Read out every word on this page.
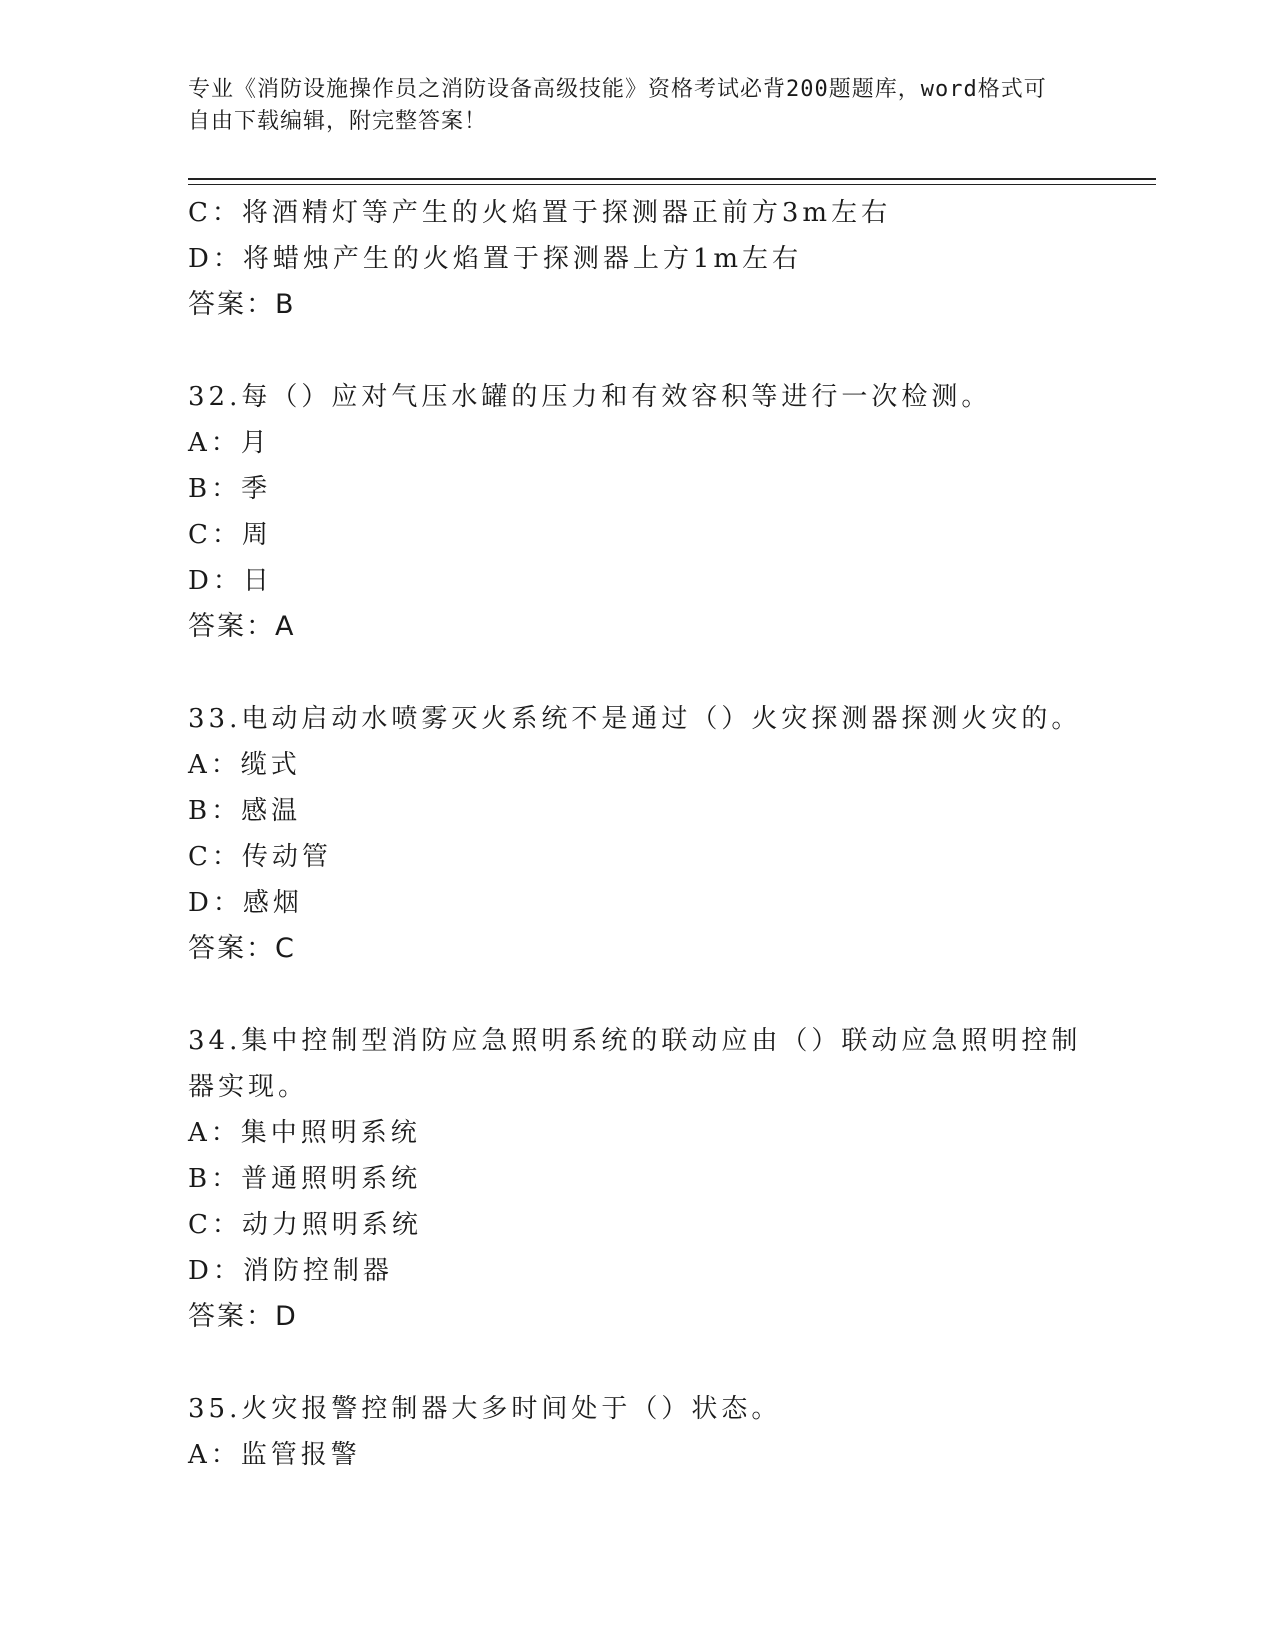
专业《消防设施操作员之消防设备高级技能》资格考试必背200题题库，word格式可自由下载编辑，附完整答案！
C：将酒精灯等产生的火焰置于探测器正前方3m左右
D：将蜡烛产生的火焰置于探测器上方1m左右
答案：B
32.每（）应对气压水罐的压力和有效容积等进行一次检测。
A：月
B：季
C：周
D：日
答案：A
33.电动启动水喷雾灭火系统不是通过（）火灾探测器探测火灾的。
A：缆式
B：感温
C：传动管
D：感烟
答案：C
34.集中控制型消防应急照明系统的联动应由（）联动应急照明控制器实现。
A：集中照明系统
B：普通照明系统
C：动力照明系统
D：消防控制器
答案：D
35.火灾报警控制器大多时间处于（）状态。
A：监管报警
